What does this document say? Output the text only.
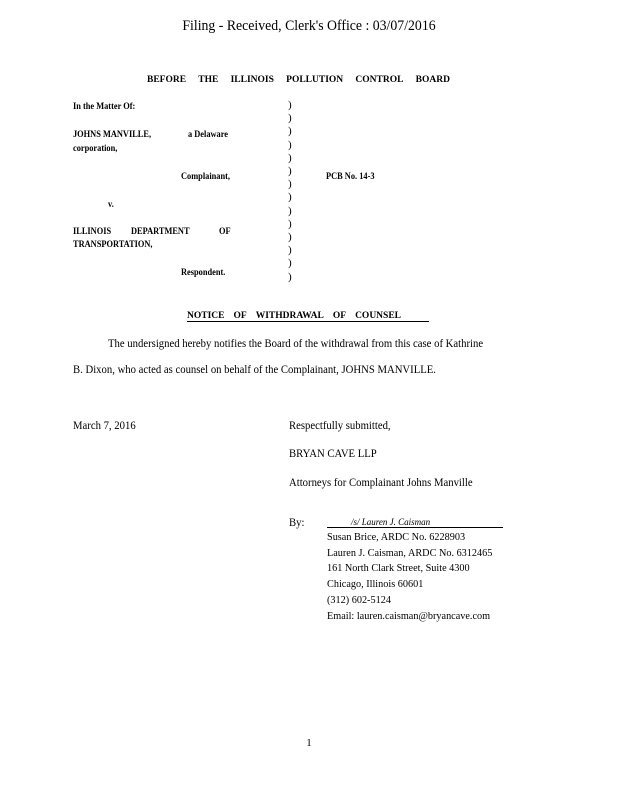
Filing - Received, Clerk's Office : 03/07/2016
BEFORE THE ILLINOIS POLLUTION CONTROL BOARD
In the Matter Of:
JOHNS MANVILLE,	a Delaware
corporation,
Complainant,
v.
ILLINOIS DEPARTMENT	OF
TRANSPORTATION,
Respondent.
PCB No. 14-3
)
)
)
)
)
)
)
)
)
)
)
)
)
)
NOTICE OF WITHDRAWAL OF COUNSEL
The undersigned hereby notifies the Board of the withdrawal from this case of Kathrine
B. Dixon, who acted as counsel on behalf of the Complainant, JOHNS MANVILLE.
March 7, 2016	Respectfully submitted,
BRYAN CAVE LLP
Attorneys for Complainant Johns Manville
By:	/s/ Lauren J. Caisman
Susan Brice, ARDC No. 6228903
Lauren J. Caisman, ARDC No. 6312465
161 North Clark Street, Suite 4300
Chicago, Illinois 60601
(312) 602-5124
Email: lauren.caisman@bryancave.com
1
